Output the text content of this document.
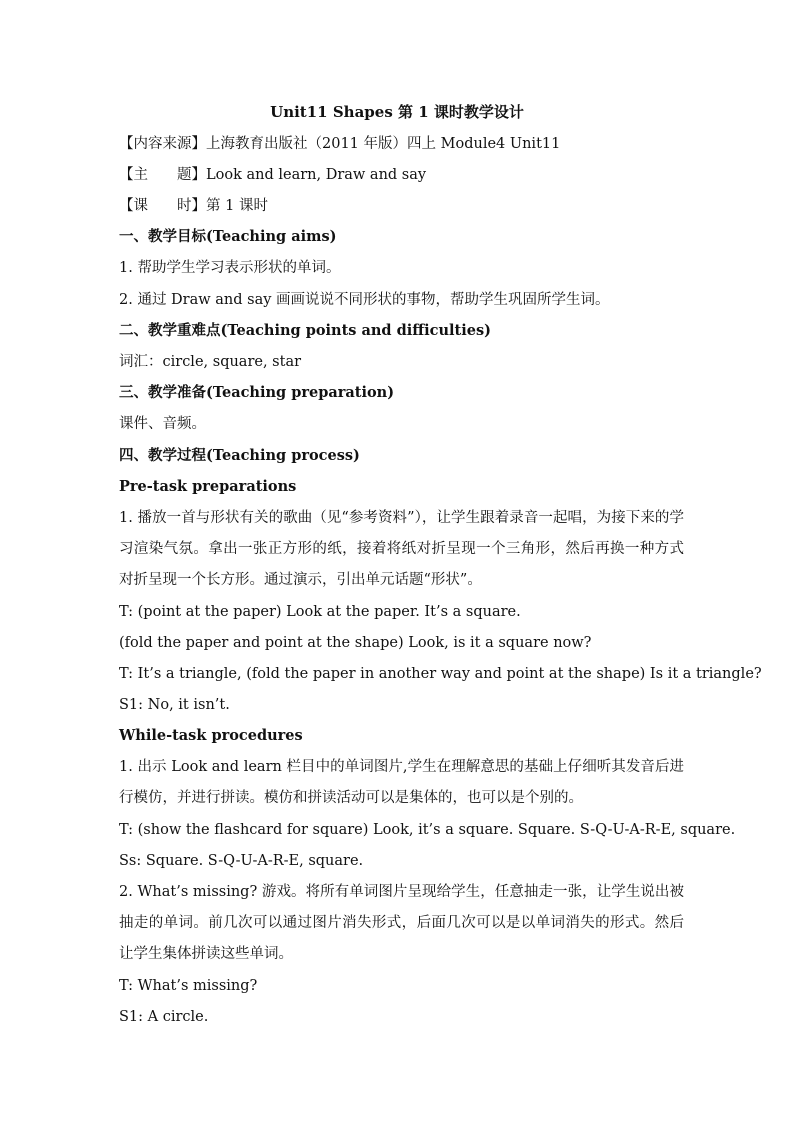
Unit11 Shapes 第 1 课时教学设计
【内容来源】上海教育出版社（2011 年版）四上 Module4 Unit11
【主　　题】Look and learn, Draw and say
【课　　时】第 1 课时
一、教学目标(Teaching aims)
1. 帮助学生学习表示形状的单词。
2. 通过 Draw and say 画画说说不同形状的事物，帮助学生巩固所学生词。
二、教学重难点(Teaching points and difficulties)
词汇：circle, square, star
三、教学准备(Teaching preparation)
课件、音频。
四、教学过程(Teaching process)
Pre-task preparations
1. 播放一首与形状有关的歌曲（见“参考资料”），让学生跟着录音一起唱，为接下来的学习渲染气氛。拿出一张正方形的纸，接着将纸对折呈现一个三角形，然后再换一种方式对折呈现一个长方形。通过演示，引出单元话题“形状”。
T: (point at the paper) Look at the paper. It’s a square.
(fold the paper and point at the shape) Look, is it a square now?
T: It’s a triangle, (fold the paper in another way and point at the shape) Is it a triangle?
S1: No, it isn’t.
While-task procedures
1. 出示 Look and learn 栏目中的单词图片,学生在理解意思的基础上仔细听其发音后进行模仿，并进行拼读。模仿和拼读活动可以是集体的，也可以是个别的。
T: (show the flashcard for square) Look, it’s a square. Square. S-Q-U-A-R-E, square.
Ss: Square. S-Q-U-A-R-E, square.
2. What’s missing? 游戏。将所有单词图片呈现给学生，任意抽走一张，让学生说出被抽走的单词。前几次可以通过图片消失形式，后面几次可以是以单词消失的形式。然后让学生集体拼读这些单词。
T: What’s missing?
S1: A circle.
